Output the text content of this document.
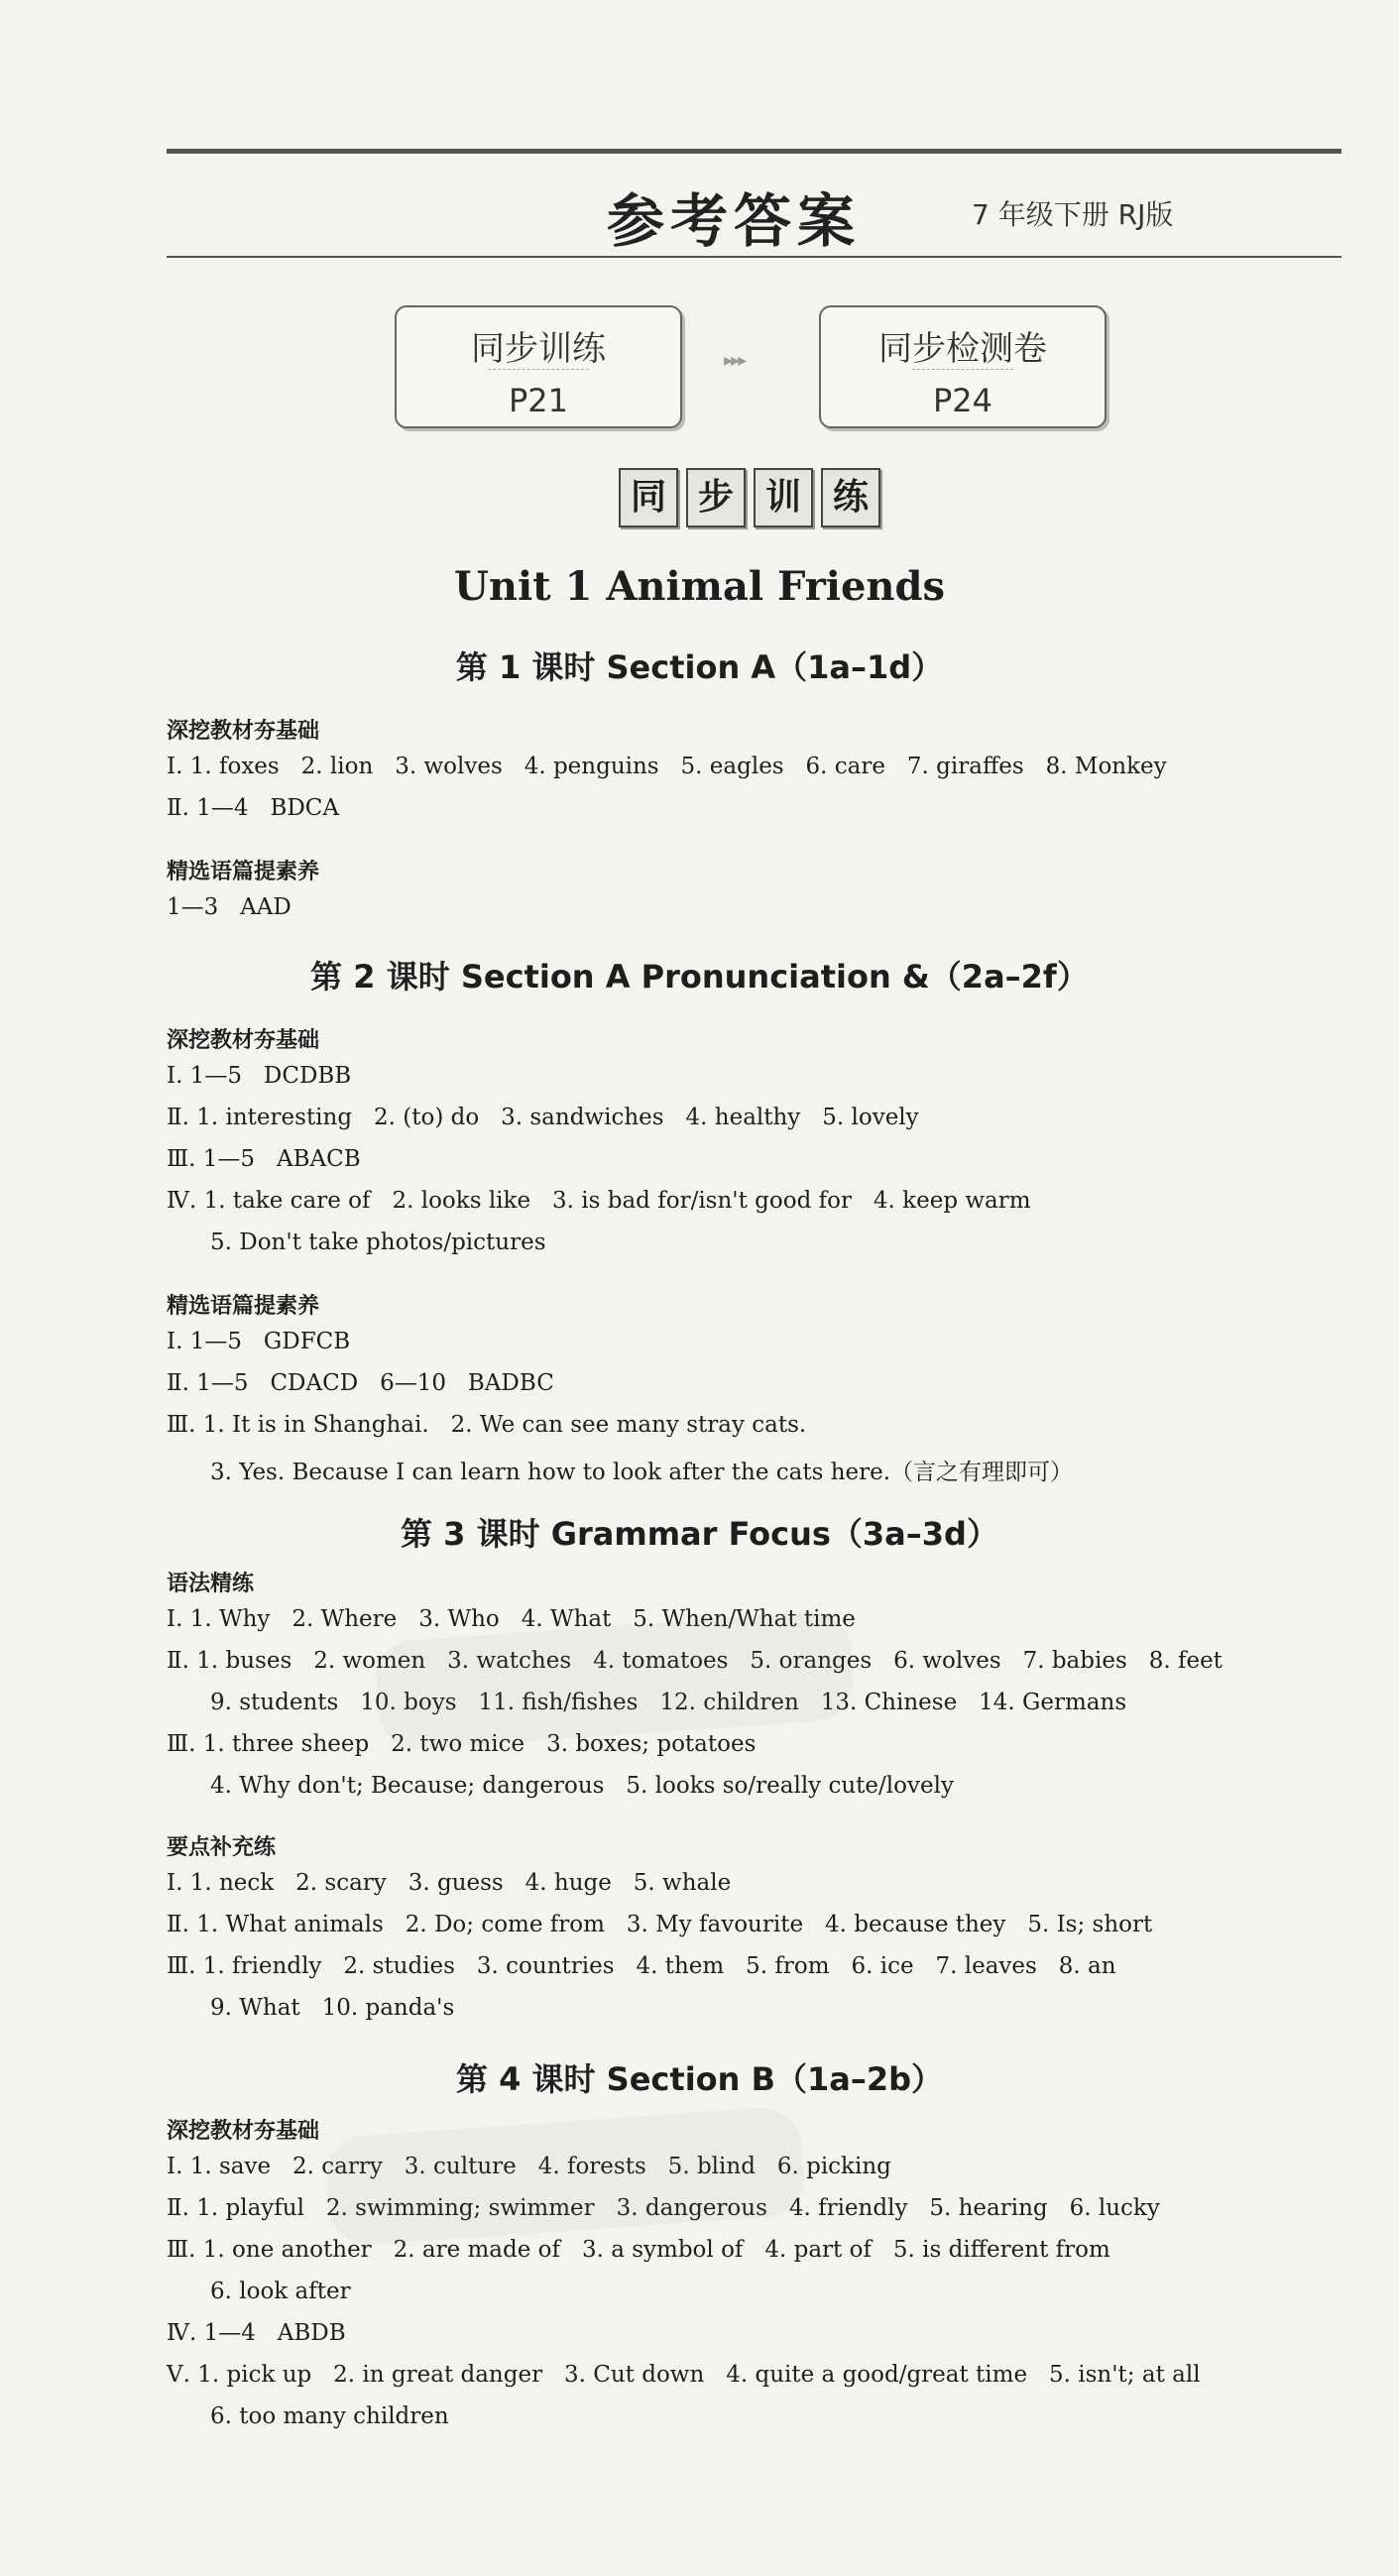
参考答案	7 年级下册 RJ版
同步训练
P21
▸▸▸	同步检测卷
P24
同 步 训 练
Unit 1 Animal Friends
第 1 课时 Section A（1a–1d）
深挖教材夯基础
Ⅰ. 1. foxes   2. lion   3. wolves   4. penguins   5. eagles   6. care   7. giraffes   8. Monkey
Ⅱ. 1—4   BDCA
精选语篇提素养
1—3   AAD
第 2 课时 Section A Pronunciation &（2a–2f）
深挖教材夯基础
Ⅰ. 1—5   DCDBB
Ⅱ. 1. interesting   2. (to) do   3. sandwiches   4. healthy   5. lovely
Ⅲ. 1—5   ABACB
Ⅳ. 1. take care of   2. looks like   3. is bad for/isn't good for   4. keep warm
5. Don't take photos/pictures
精选语篇提素养
Ⅰ. 1—5   GDFCB
Ⅱ. 1—5   CDACD   6—10   BADBC
Ⅲ. 1. It is in Shanghai.   2. We can see many stray cats.
3. Yes. Because I can learn how to look after the cats here.（言之有理即可）
第 3 课时 Grammar Focus（3a–3d）
语法精练
Ⅰ. 1. Why   2. Where   3. Who   4. What   5. When/What time
Ⅱ. 1. buses   2. women   3. watches   4. tomatoes   5. oranges   6. wolves   7. babies   8. feet
9. students   10. boys   11. fish/fishes   12. children   13. Chinese   14. Germans
Ⅲ. 1. three sheep   2. two mice   3. boxes; potatoes
4. Why don't; Because; dangerous   5. looks so/really cute/lovely
要点补充练
Ⅰ. 1. neck   2. scary   3. guess   4. huge   5. whale
Ⅱ. 1. What animals   2. Do; come from   3. My favourite   4. because they   5. Is; short
Ⅲ. 1. friendly   2. studies   3. countries   4. them   5. from   6. ice   7. leaves   8. an
9. What   10. panda's
第 4 课时 Section B（1a–2b）
深挖教材夯基础
Ⅰ. 1. save   2. carry   3. culture   4. forests   5. blind   6. picking
Ⅱ. 1. playful   2. swimming; swimmer   3. dangerous   4. friendly   5. hearing   6. lucky
Ⅲ. 1. one another   2. are made of   3. a symbol of   4. part of   5. is different from
6. look after
Ⅳ. 1—4   ABDB
Ⅴ. 1. pick up   2. in great danger   3. Cut down   4. quite a good/great time   5. isn't; at all
6. too many children
